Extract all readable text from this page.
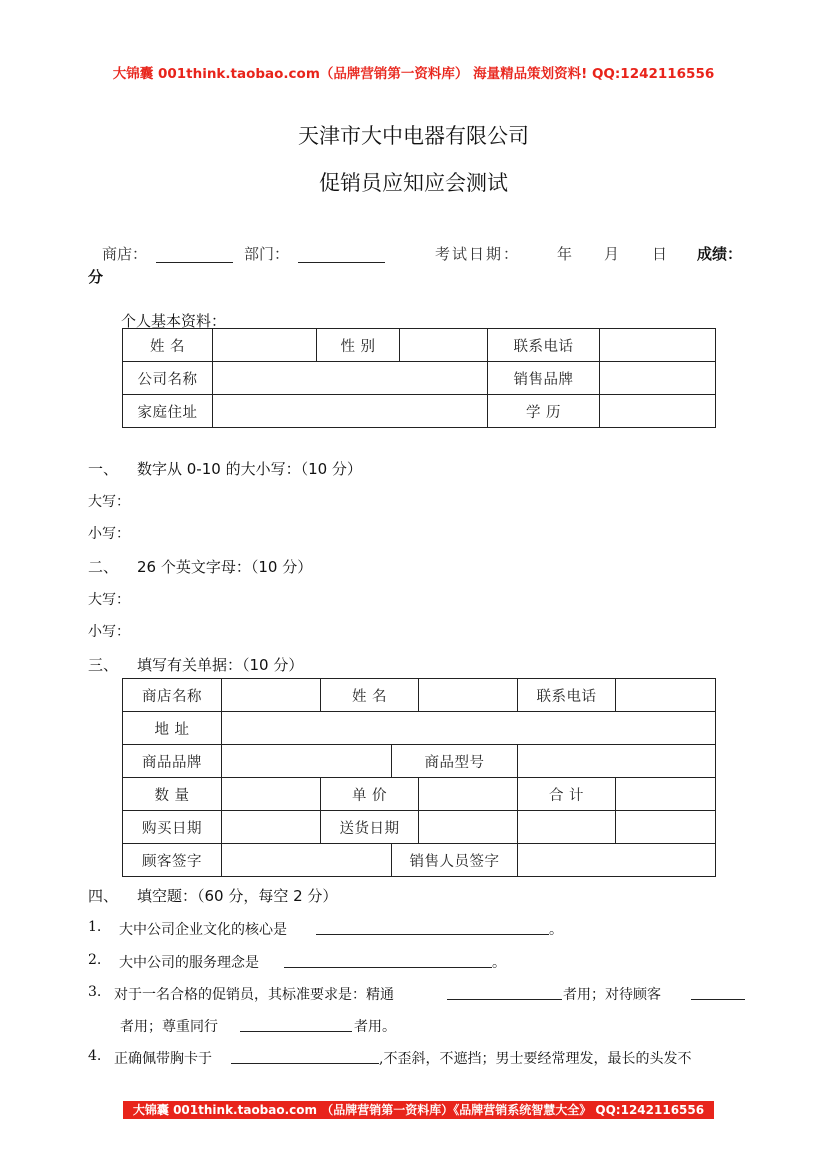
大锦囊 001think.taobao.com（品牌营销第一资料库） 海量精品策划资料! QQ:1242116556
天津市大中电器有限公司
促销员应知应会测试
商店：	部门：	考试日期： 年 月 日 成绩：
分
个人基本资料：
姓 名		性 别		联系电话	
公司名称				销售品牌	
家庭住址				学 历	
一、 数字从 0-10 的大小写：（10 分）
大写：
小写：
二、 26 个英文字母：（10 分）
大写：
小写：
三、 填写有关单据：（10 分）
商店名称		姓 名			联系电话	
地 址						
商品品牌			商品型号			
数 量		单 价			合 计	
购买日期		送货日期				
顾客签字			销售人员签字			
四、 填空题：（60 分，每空 2 分）
1. 大中公司企业文化的核心是	。
2. 大中公司的服务理念是	。
3. 对于一名合格的促销员，其标准要求是：精通	者用；对待顾客
者用；尊重同行	者用。
4. 正确佩带胸卡于	,不歪斜，不遮挡；男士要经常理发，最长的头发不
大锦囊 001think.taobao.com （品牌营销第一资料库）《品牌营销系统智慧大全》 QQ:1242116556
